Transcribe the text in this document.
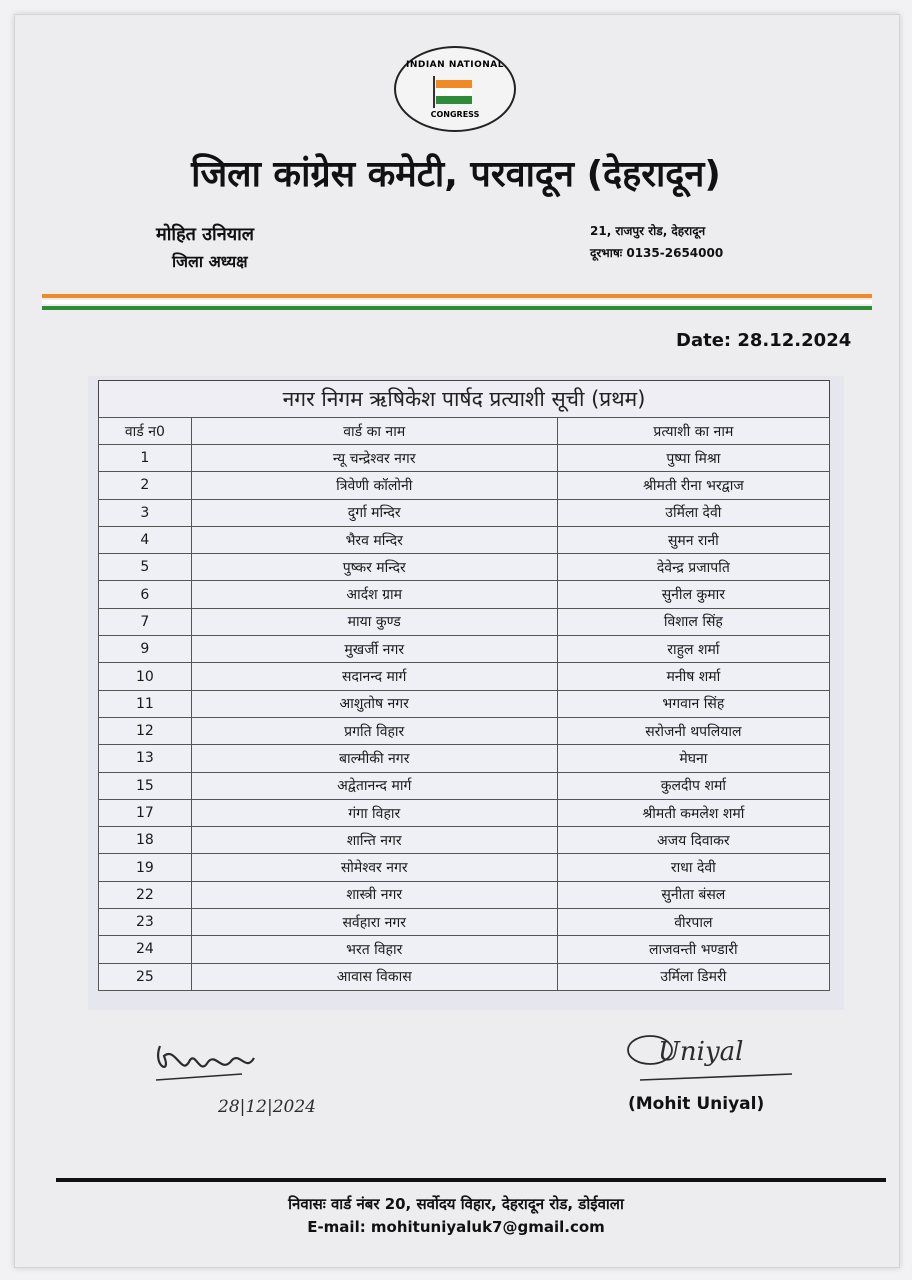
INDIAN NATIONAL
CONGRESS
जिला कांग्रेस कमेटी, परवादून (देहरादून)
मोहित उनियाल
जिला अध्यक्ष
21, राजपुर रोड, देहरादून
दूरभाषः 0135-2654000
Date: 28.12.2024
नगर निगम ऋषिकेश पार्षद प्रत्याशी सूची (प्रथम)
वार्ड न0	वार्ड का नाम	प्रत्याशी का नाम
1	न्यू चन्द्रेश्वर नगर	पुष्पा मिश्रा
2	त्रिवेणी कॉलोनी	श्रीमती रीना भरद्वाज
3	दुर्गा मन्दिर	उर्मिला देवी
4	भैरव मन्दिर	सुमन रानी
5	पुष्कर मन्दिर	देवेन्द्र प्रजापति
6	आर्दश ग्राम	सुनील कुमार
7	माया कुण्ड	विशाल सिंह
9	मुखर्जी नगर	राहुल शर्मा
10	सदानन्द मार्ग	मनीष शर्मा
11	आशुतोष नगर	भगवान सिंह
12	प्रगति विहार	सरोजनी थपलियाल
13	बाल्मीकी नगर	मेघना
15	अद्वेतानन्द मार्ग	कुलदीप शर्मा
17	गंगा विहार	श्रीमती कमलेश शर्मा
18	शान्ति नगर	अजय दिवाकर
19	सोमेश्वर नगर	राधा देवी
22	शास्त्री नगर	सुनीता बंसल
23	सर्वहारा नगर	वीरपाल
24	भरत विहार	लाजवन्ती भण्डारी
25	आवास विकास	उर्मिला डिमरी
28|12|2024
Uniyal
(Mohit Uniyal)
निवासः वार्ड नंबर 20, सर्वोदय विहार, देहरादून रोड, डोईवाला
E-mail: mohituniyaluk7@gmail.com
